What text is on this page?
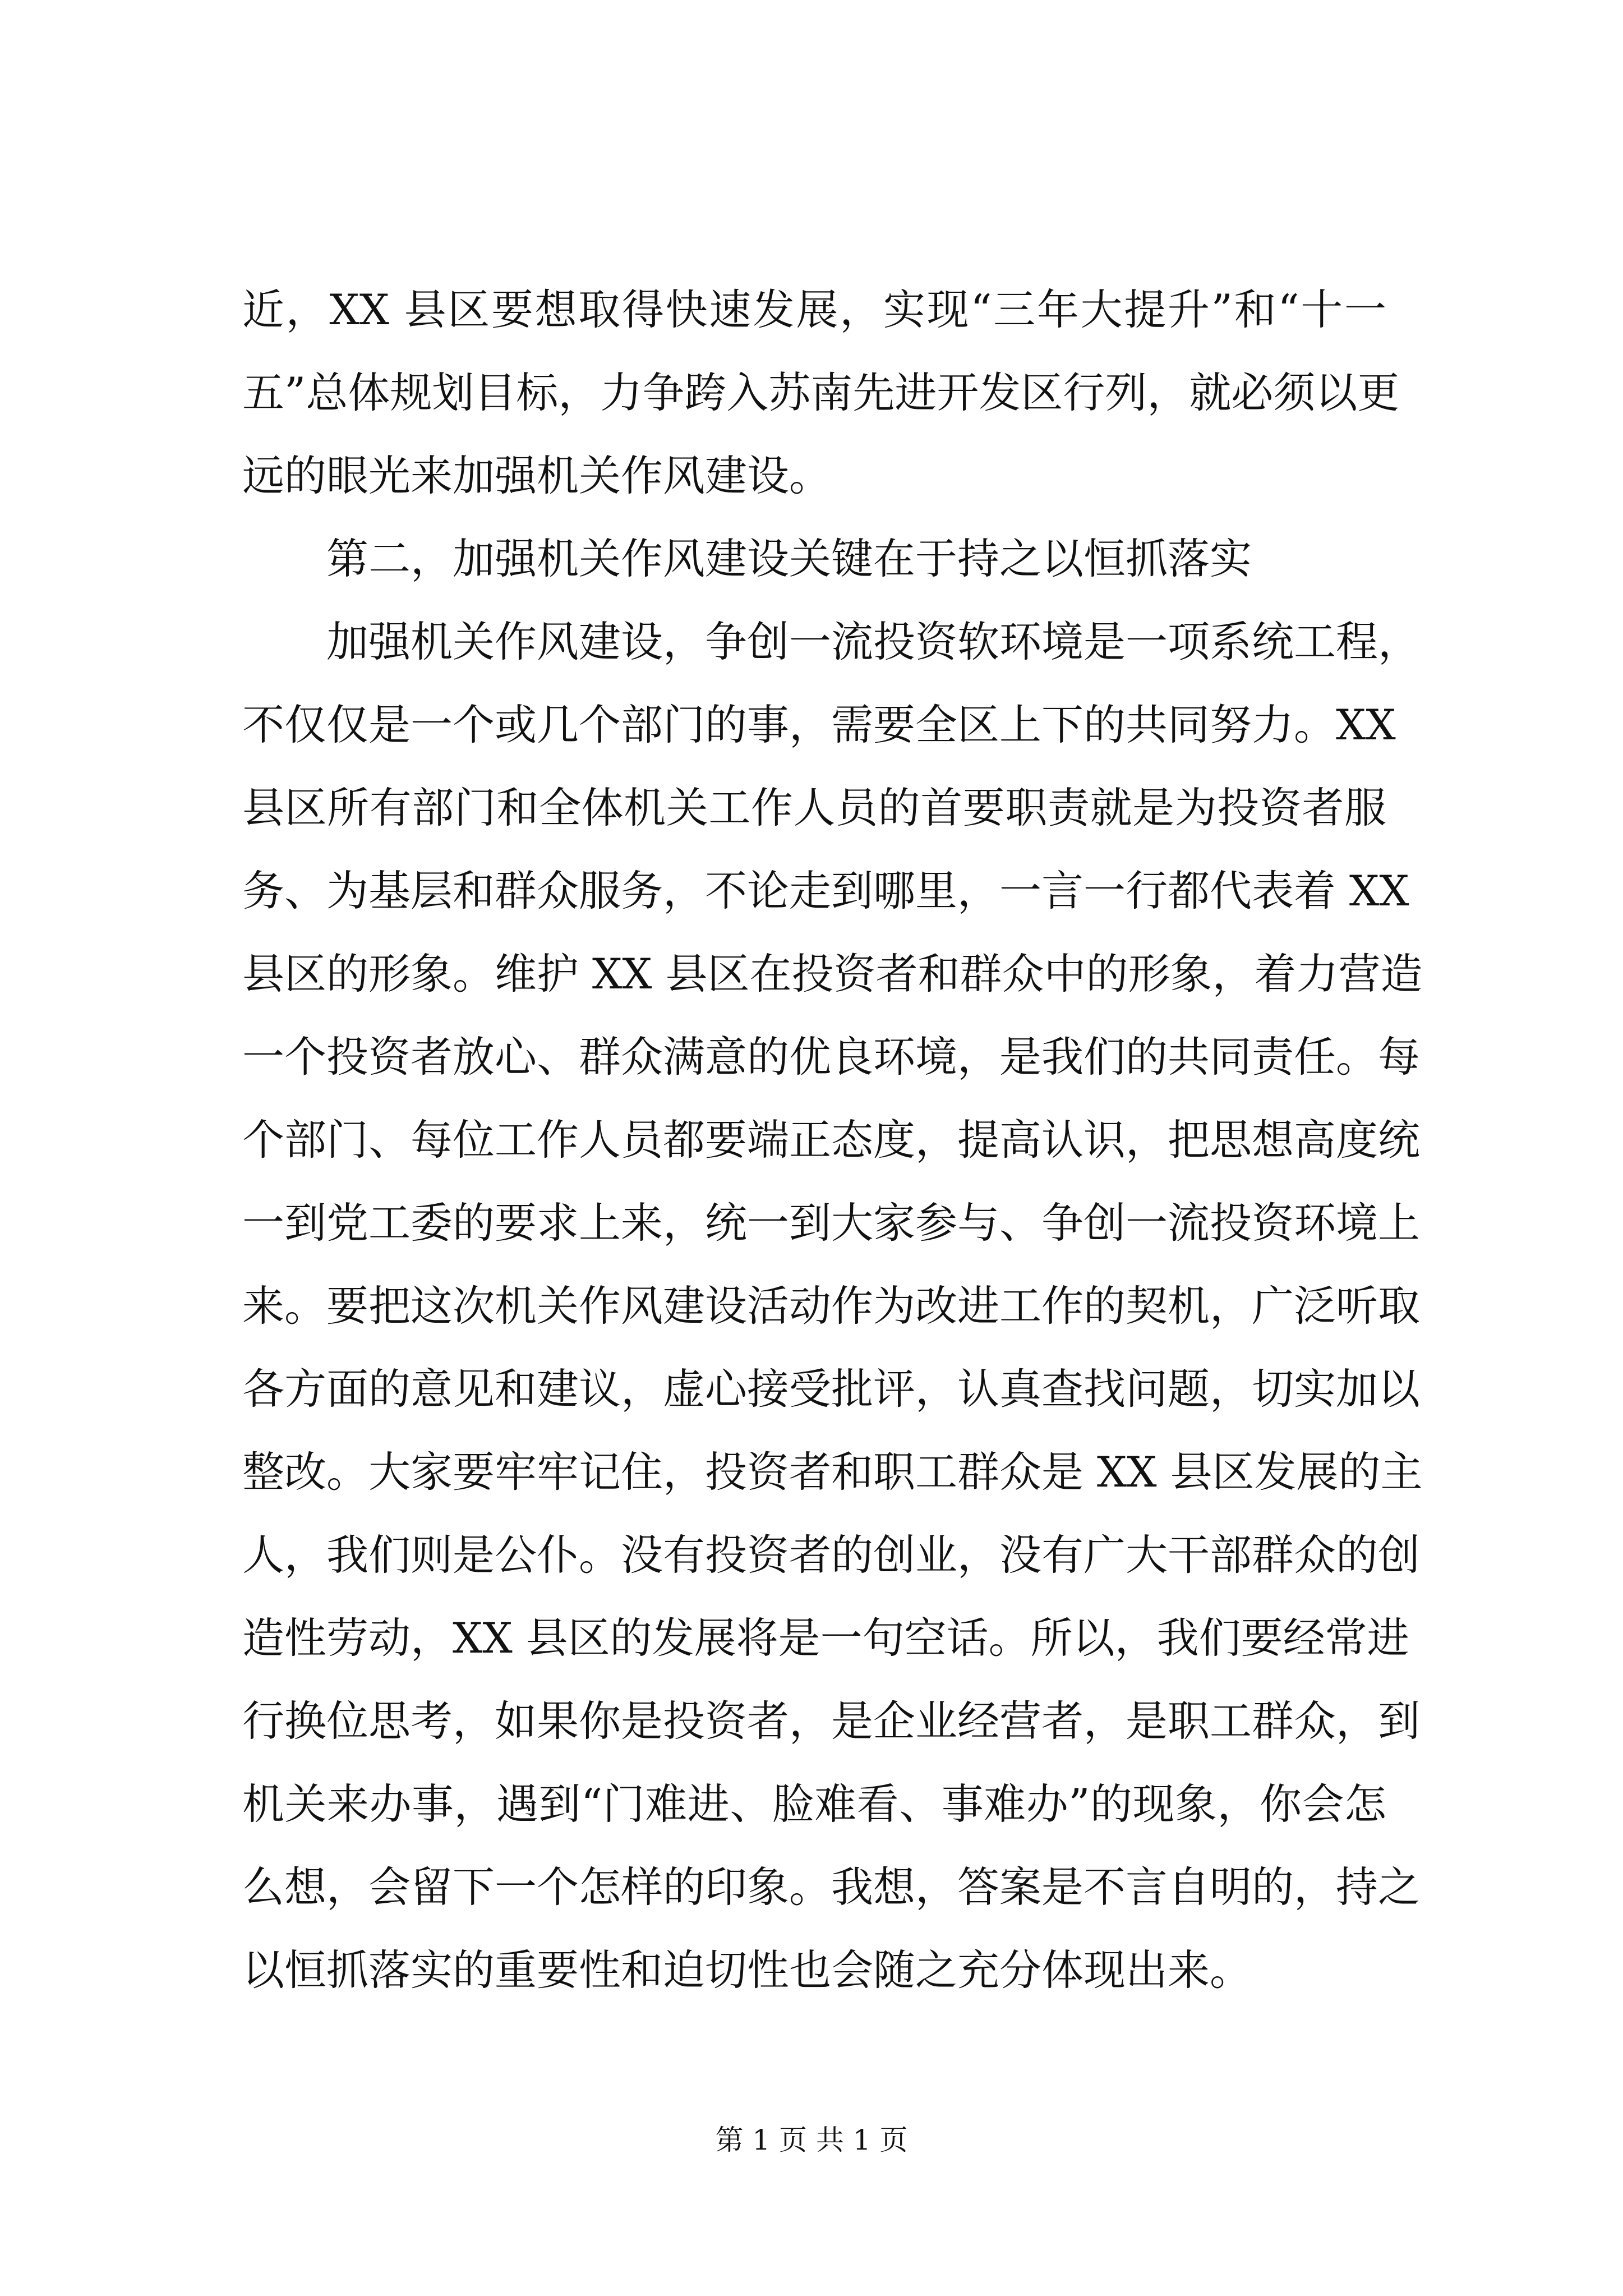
近，XX 县区要想取得快速发展，实现“三年大提升”和“十一
五”总体规划目标，力争跨入苏南先进开发区行列，就必须以更
远的眼光来加强机关作风建设。
第二，加强机关作风建设关键在于持之以恒抓落实
加强机关作风建设，争创一流投资软环境是一项系统工程，
不仅仅是一个或几个部门的事，需要全区上下的共同努力。XX
县区所有部门和全体机关工作人员的首要职责就是为投资者服
务、为基层和群众服务，不论走到哪里，一言一行都代表着 XX
县区的形象。维护 XX 县区在投资者和群众中的形象，着力营造
一个投资者放心、群众满意的优良环境，是我们的共同责任。每
个部门、每位工作人员都要端正态度，提高认识，把思想高度统
一到党工委的要求上来，统一到大家参与、争创一流投资环境上
来。要把这次机关作风建设活动作为改进工作的契机，广泛听取
各方面的意见和建议，虚心接受批评，认真查找问题，切实加以
整改。大家要牢牢记住，投资者和职工群众是 XX 县区发展的主
人，我们则是公仆。没有投资者的创业，没有广大干部群众的创
造性劳动，XX 县区的发展将是一句空话。所以，我们要经常进
行换位思考，如果你是投资者，是企业经营者，是职工群众，到
机关来办事，遇到“门难进、脸难看、事难办”的现象，你会怎
么想，会留下一个怎样的印象。我想，答案是不言自明的，持之
以恒抓落实的重要性和迫切性也会随之充分体现出来。
第 1 页 共 1 页
